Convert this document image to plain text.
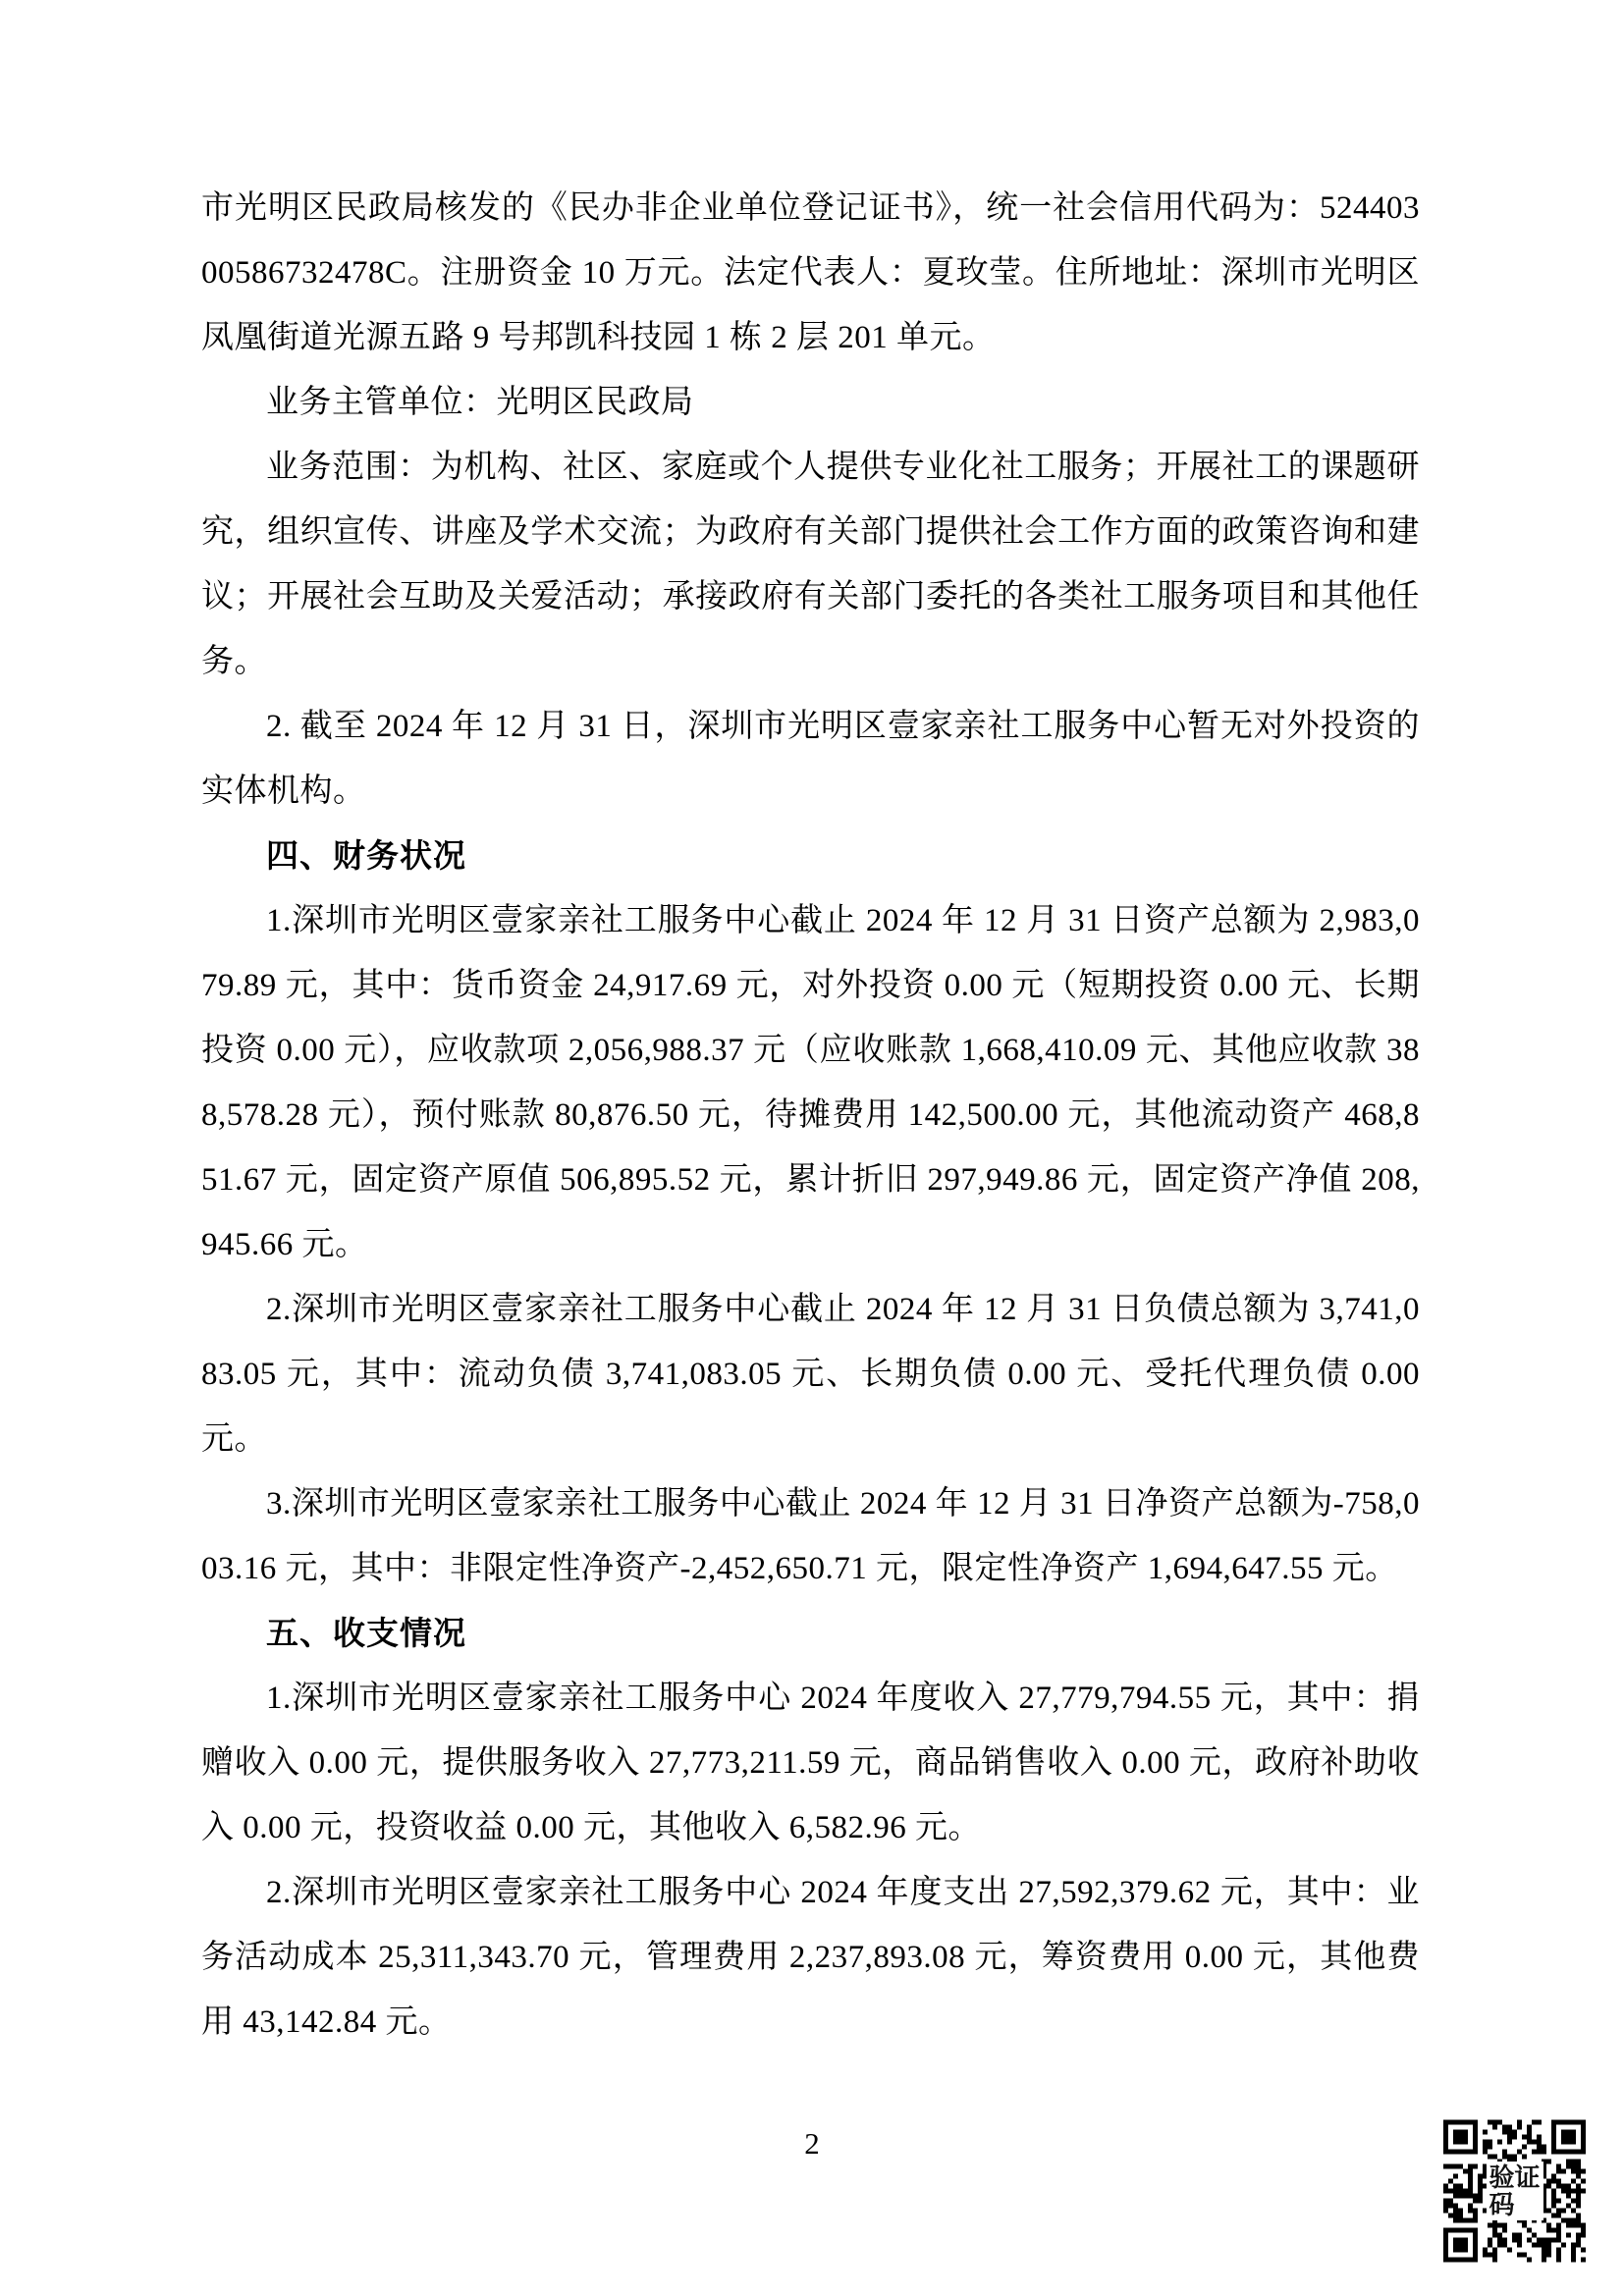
市光明区民政局核发的《民办非企业单位登记证书》，统一社会信用代码为：52440300586732478C。注册资金 10 万元。法定代表人：夏玫莹。住所地址：深圳市光明区凤凰街道光源五路 9 号邦凯科技园 1 栋 2 层 201 单元。

业务主管单位：光明区民政局

业务范围：为机构、社区、家庭或个人提供专业化社工服务；开展社工的课题研究，组织宣传、讲座及学术交流；为政府有关部门提供社会工作方面的政策咨询和建议；开展社会互助及关爱活动；承接政府有关部门委托的各类社工服务项目和其他任务。

2. 截至 2024 年 12 月 31 日，深圳市光明区壹家亲社工服务中心暂无对外投资的实体机构。

四、财务状况

1.深圳市光明区壹家亲社工服务中心截止 2024 年 12 月 31 日资产总额为 2,983,079.89 元，其中：货币资金 24,917.69 元，对外投资 0.00 元（短期投资 0.00 元、长期投资 0.00 元），应收款项 2,056,988.37 元（应收账款 1,668,410.09 元、其他应收款 388,578.28 元），预付账款 80,876.50 元，待摊费用 142,500.00 元，其他流动资产 468,851.67 元，固定资产原值 506,895.52 元，累计折旧 297,949.86 元，固定资产净值 208,945.66 元。

2.深圳市光明区壹家亲社工服务中心截止 2024 年 12 月 31 日负债总额为 3,741,083.05 元，其中：流动负债 3,741,083.05 元、长期负债 0.00 元、受托代理负债 0.00 元。

3.深圳市光明区壹家亲社工服务中心截止 2024 年 12 月 31 日净资产总额为-758,003.16 元，其中：非限定性净资产-2,452,650.71 元，限定性净资产 1,694,647.55 元。

五、收支情况

1.深圳市光明区壹家亲社工服务中心 2024 年度收入 27,779,794.55 元，其中：捐赠收入 0.00 元，提供服务收入 27,773,211.59 元，商品销售收入 0.00 元，政府补助收入 0.00 元，投资收益 0.00 元，其他收入 6,582.96 元。

2.深圳市光明区壹家亲社工服务中心 2024 年度支出 27,592,379.62 元，其中：业务活动成本 25,311,343.70 元，管理费用 2,237,893.08 元，筹资费用 0.00 元，其他费用 43,142.84 元。

2
验证
码
